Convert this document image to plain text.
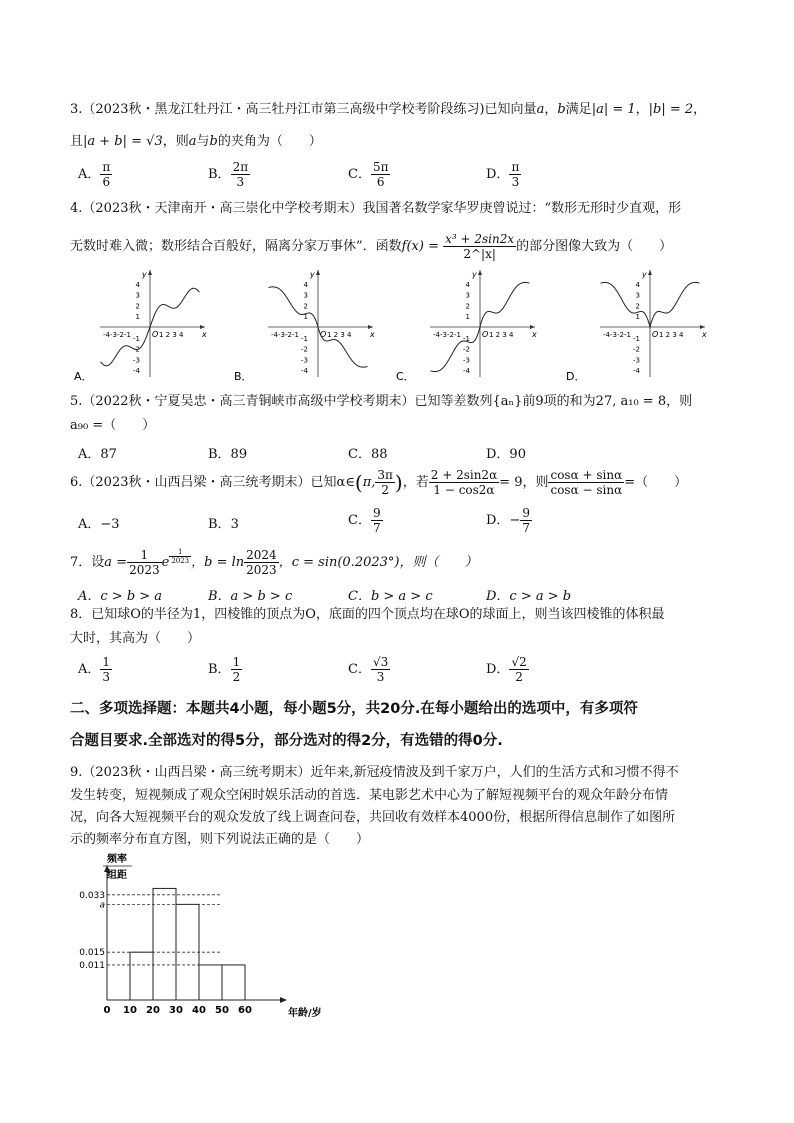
3.（2023秋・黑龙江牡丹江・高三牡丹江市第三高级中学校考阶段练习)已知向量a，b满足|a| = 1，|b| = 2，
且|a + b| = √3，则a与b的夹角为（　　）
A． $\frac{\pi}{6}$	B． $\frac{2\pi}{3}$	C． $\frac{5\pi}{6}$	D． $\frac{\pi}{3}$
4.（2023秋・天津南开・高三崇化中学校考期末）我国著名数学家华罗庚曾说过：“数形无形时少直观，形
无数时难入微；数形结合百般好，隔离分家万事休”．函数$f(x) = \frac{\text{x³ + 2sin2x}}{2\^{}|x|}$ 的部分图像大致为（　　）
y
x
O
-4-3-2-1	1 2 3 4
4
3
2
1
-1
-2
-3
-4
A．
y
x
O
-4-3-2-1	1 2 3 4
4
3
2
1
-1
-2
-3
-4
B．
y
x
O
-4-3-2-1	1 2 3 4
4
3
2
1
-1
-2
-3
-4
C．
y
x
O
-4-3-2-1	1 2 3 4
4
3
2
1
-1
-2
-3
-4
D．
5.（2022秋・宁夏吴忠・高三青铜峡市高级中学校考期末）已知等差数列{aₙ}前9项的和为27, a₁₀ = 8，则
a₉₀ =（　　）
A．87	B．89	C．88	D．90
6.（2023秋・山西吕梁・高三统考期末）已知α∈(π, $\frac{3\pi}{2}$ )，若 $\frac{2 + 2\sin 2\alpha}{1 - \cos 2\alpha} = 9$，则 $\frac{\cos\alpha + \sin\alpha}{\cos\alpha - \sin\alpha}$ =（　　）
A．−3	B．3	C． $\frac{9}{7}$	D．− $\frac{9}{7}$
7．设$a = \frac{1}{2023}$ e $\frac{1}{2023}$ ，$b = \ln \frac{2024}{2023}$ ，c = sin(0.2023°)，则（　　）
A．c > b > a	B．a > b > c	C．b > a > c	D．c > a > b
8．已知球O的半径为1，四棱锥的顶点为O，底面的四个顶点均在球O的球面上，则当该四棱锥的体积最
大时，其高为（　　）
A． $\frac{1}{3}$	B． $\frac{1}{2}$	C． $\frac{√3}{3}$	D． $\frac{√2}{2}$
二、多项选择题：本题共4小题，每小题5分，共20分.在每小题给出的选项中，有多项符
合题目要求.全部选对的得5分，部分选对的得2分，有选错的得0分.
9.（2023秋・山西吕梁・高三统考期末）近年来,新冠疫情波及到千家万户，人们的生活方式和习惯不得不
发生转变，短视频成了观众空闲时娱乐活动的首选．某电影艺术中心为了解短视频平台的观众年龄分布情
况，向各大短视频平台的观众发放了线上调查问卷，共回收有效样本4000份，根据所得信息制作了如图所
示的频率分布直方图，则下列说法正确的是（　　）
频率
组距
0.033
a
0.015
0.011
0 10 20 30 40 50 60	年龄/岁
